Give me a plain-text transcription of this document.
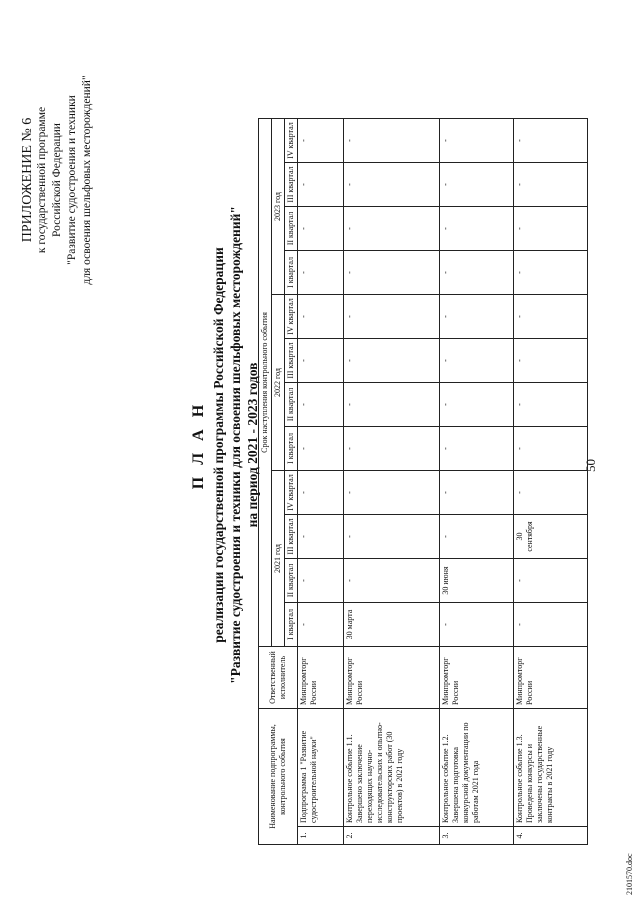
50
ПРИЛОЖЕНИЕ № 6 к государственной программе Российской Федерации "Развитие судостроения и техники для освоения шельфовых месторождений"
П Л А Н реализации государственной программы Российской Федерации "Развитие судостроения и техники для освоения шельфовых месторождений" на период 2021 - 2023 годов
Наименование подпрограммы, контрольного события		Ответственный исполнитель	Срок наступления контрольного события											
			2021 год				2022 год				2023 год			
			I квартал	II квартал	III квартал	IV квартал	I квартал	II квартал	III квартал	IV квартал	I квартал	II квартал	III квартал	IV квартал
1.	Подпрограмма 1 "Развитие судостроительной науки"	Минпромторг России	-	-	-	-	-	-	-	-	-	-	-	-
2.	Контрольное событие 1.1. Завершено заключение переходящих научно-исследовательских и опытно-конструкторских работ (30 проектов) в 2021 году	Минпромторг России	30 марта	-	-	-	-	-	-	-	-	-	-	-
3.	Контрольное событие 1.2. Завершена подготовка конкурсной документации по работам 2021 года	Минпромторг России	-	30 июня	-	-	-	-	-	-	-	-	-	-
4.	Контрольное событие 1.3. Проведены конкурсы и заключены государственные контракты в 2021 году	Минпромторг России	-	-	30 сентября	-	-	-	-	-	-	-	-	-
2101570.doc
